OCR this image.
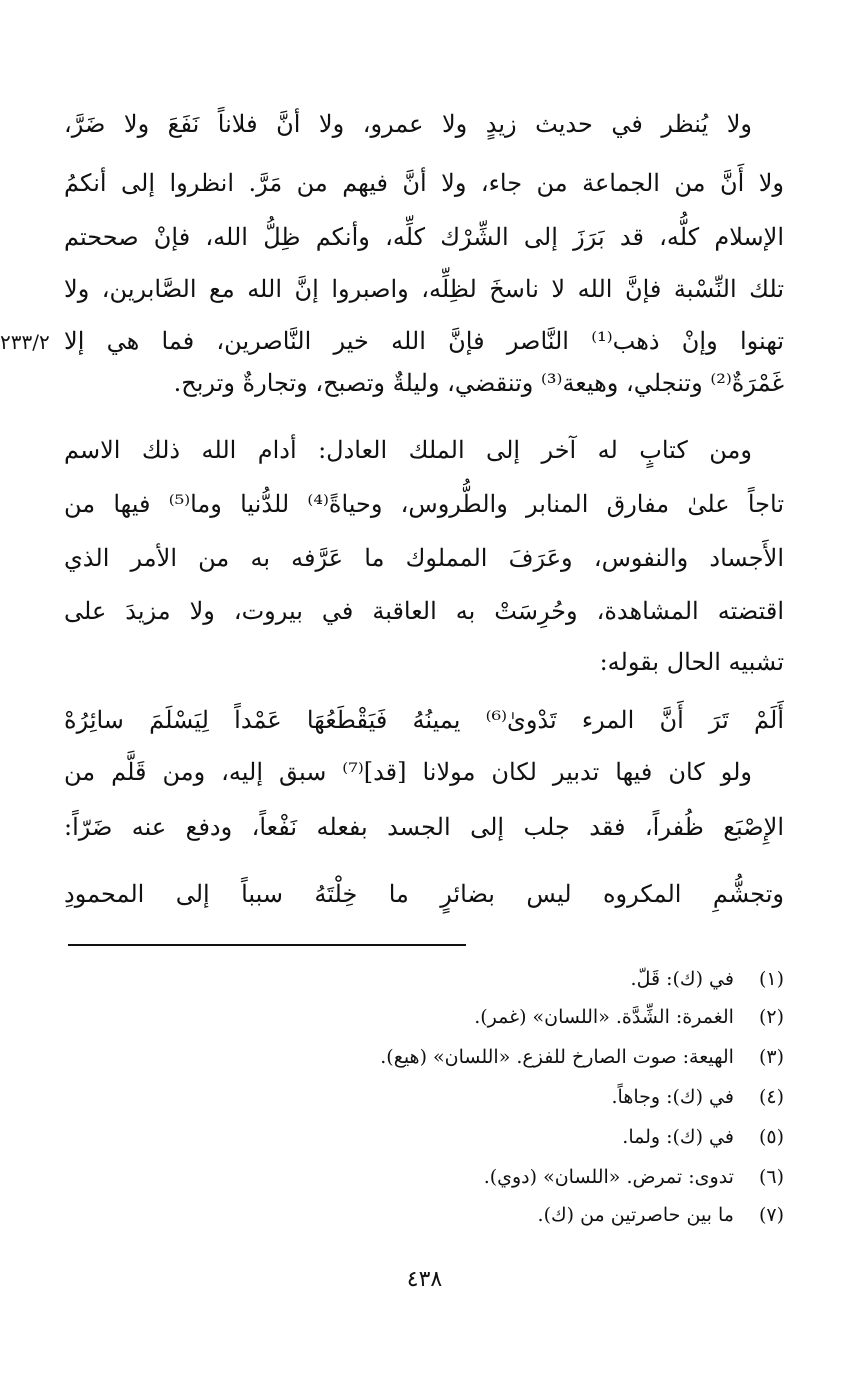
ولا يُنظر في حديث زيدٍ ولا عمرو، ولا أنَّ فلاناً نَفَعَ ولا ضَرَّ،
ولا أَنَّ من الجماعة من جاء، ولا أنَّ فيهم من مَرَّ. انظروا إلى أنكمُ
الإسلام كلُّه، قد بَرَزَ إلى الشِّرْك كلِّه، وأنكم ظِلُّ الله، فإنْ صححتم
تلك النِّسْبة فإنَّ الله لا ناسخَ لظِلِّه، واصبروا إنَّ الله مع الصَّابرين، ولا
تهنوا وإنْ ذهب⁽¹⁾ النَّاصر فإنَّ الله خير النَّاصرين، فما هي إلا
٢٣٣/٢
غَمْرَةٌ⁽²⁾ وتنجلي، وهيعة⁽³⁾ وتنقضي، وليلةٌ وتصبح، وتجارةٌ وتربح.
ومن كتابٍ له آخر إلى الملك العادل: أدام الله ذلك الاسم
تاجاً علىٰ مفارق المنابر والطُّروس، وحياةً⁽⁴⁾ للدُّنيا وما⁽⁵⁾ فيها من
الأَجساد والنفوس، وعَرَفَ المملوك ما عَرَّفه به من الأمر الذي
اقتضته المشاهدة، وحُرِسَتْ به العاقبة في بيروت، ولا مزيدَ على
تشبيه الحال بقوله:
أَلَمْ تَرَ أَنَّ المرء تَدْوىٰ⁽⁶⁾ يمينُهُ فَيَقْطَعُهَا عَمْداً لِيَسْلَمَ سائِرُهْ
ولو كان فيها تدبير لكان مولانا [قد]⁽⁷⁾ سبق إليه، ومن قَلَّم من
الإِصْبَع ظُفراً، فقد جلب إلى الجسد بفعله نَفْعاً، ودفع عنه ضَرّاً:
وتجشُّمِ المكروه ليس بضائرٍ ما خِلْتَهُ سبباً إلى المحمودِ
(١) في (ك): قَلّ.
(٢) الغمرة: الشِّدَّة. «اللسان» (غمر).
(٣) الهيعة: صوت الصارخ للفزع. «اللسان» (هيع).
(٤) في (ك): وجاهاً.
(٥) في (ك): ولما.
(٦) تدوى: تمرض. «اللسان» (دوي).
(٧) ما بين حاصرتين من (ك).
٤٣٨
